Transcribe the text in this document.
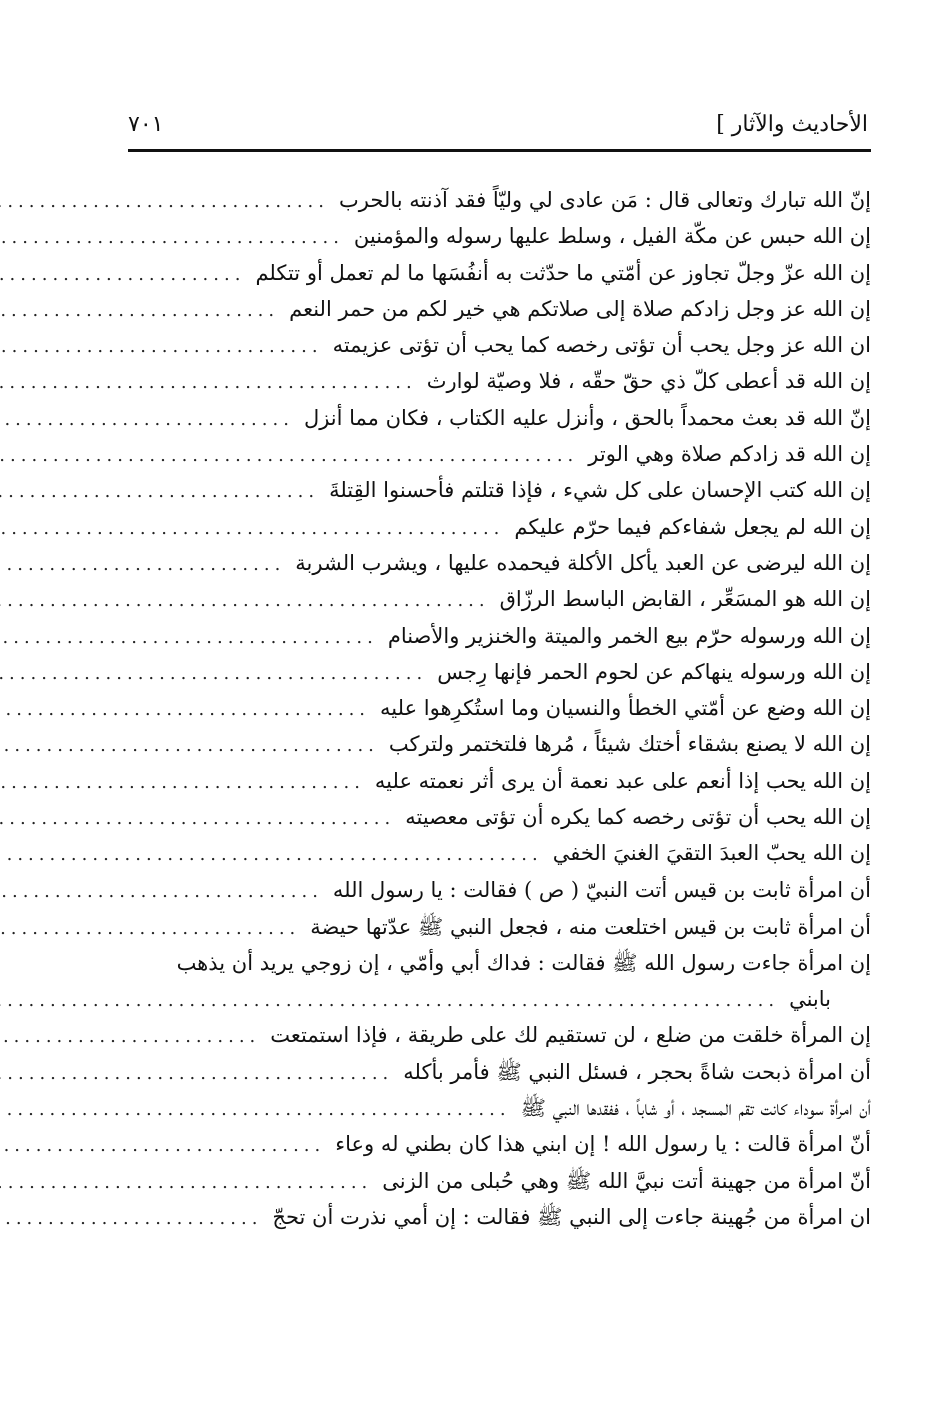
الأحاديث والآثار ]
٧٠١
إنّ الله تبارك وتعالى قال : مَن عادى لي وليّاً فقد آذنته بالحرب
.....
إن الله حبس عن مكّة الفيل ، وسلط عليها رسوله والمؤمنين
.....
إن الله عزّ وجلّ تجاوز عن أمّتي ما حدّثت به أنفُسَها ما لم تعمل أو تتكلم
.....
إن الله عز وجل زادكم صلاة إلى صلاتكم هي خير لكم من حمر النعم
.....
ان الله عز وجل يحب أن تؤتى رخصه كما يحب أن تؤتى عزيمته
.....
إن الله قد أعطى كلّ ذي حقّ حقّه ، فلا وصيّة لوارث
.....
إنّ الله قد بعث محمداً بالحق ، وأنزل عليه الكتاب ، فكان مما أنزل
.....
إن الله قد زادكم صلاة وهي الوتر
.....
إن الله كتب الإحسان على كل شيء ، فإذا قتلتم فأحسنوا القِتلةَ
.....
إن الله لم يجعل شفاءكم فيما حرّم عليكم
.....
إن الله ليرضى عن العبد يأكل الأكلة فيحمده عليها ، ويشرب الشربة
.....
إن الله هو المسَعِّر ، القابض الباسط الرزّاق
.....
إن الله ورسوله حرّم بيع الخمر والميتة والخنزير والأصنام
.....
إن الله ورسوله ينهاكم عن لحوم الحمر فإنها رِجس
.....
إن الله وضع عن أمّتي الخطأ والنسيان وما استُكرِهوا عليه
.....
إن الله لا يصنع بشقاء أختك شيئاً ، مُرها فلتختمر ولتركب
.....
إن الله يحب إذا أنعم على عبد نعمة أن يرى أثر نعمته عليه
.....
إن الله يحب أن تؤتى رخصه كما يكره أن تؤتى معصيته
.....
إن الله يحبّ العبدَ التقيَ الغنيَ الخفي
.....
أن امرأة ثابت بن قيس أتت النبيّ ( ص ) فقالت : يا رسول الله
.....
أن امرأة ثابت بن قيس اختلعت منه ، فجعل النبي ﷺ عدّتها حيضة
.....
إن امرأة جاءت رسول الله ﷺ فقالت : فداك أبي وأمّي ، إن زوجي يريد أن يذهب
بابني
.....
إن المرأة خلقت من ضلع ، لن تستقيم لك على طريقة ، فإذا استمتعت
.....
أن امرأة ذبحت شاةً بحجر ، فسئل النبي ﷺ فأمر بأكله
.....
أن امرأة سوداء كانت تقم المسجد ، أو شاباً ، ففقدها النبي ﷺ
.....
أنّ امرأة قالت : يا رسول الله ! إن ابني هذا كان بطني له وعاء
.....
أنّ امرأة من جهينة أتت نبيَّ الله ﷺ وهي حُبلى من الزنى
.....
ان امرأة من جُهينة جاءت إلى النبي ﷺ فقالت : إن أمي نذرت أن تحجّ
.....
